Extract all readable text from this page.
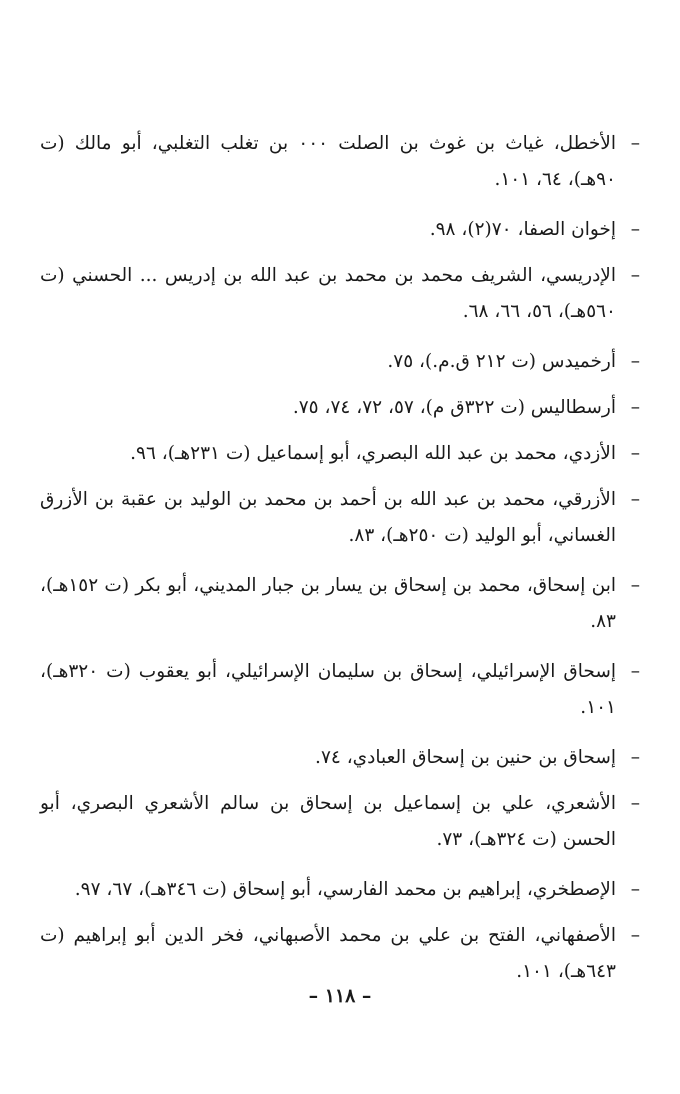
–
الأخطل، غياث بن غوث بن الصلت ٠٠٠ بن تغلب التغلبي، أبو مالك (ت ٩٠هـ)، ٦٤، ١٠١.

–
إخوان الصفا، ٧٠(٢)، ٩٨.

–
الإدريسي، الشريف محمد بن محمد بن عبد الله بن إدريس ... الحسني (ت ٥٦٠هـ)، ٥٦، ٦٦، ٦٨.

–
أرخميدس (ت ٢١٢ ق.م.)، ٧٥.

–
أرسطاليس (ت ٣٢٢ق م)، ٥٧، ٧٢، ٧٤، ٧٥.

–
الأزدي، محمد بن عبد الله البصري، أبو إسماعيل (ت ٢٣١هـ)، ٩٦.

–
الأزرقي، محمد بن عبد الله بن أحمد بن محمد بن الوليد بن عقبة بن الأزرق الغساني، أبو الوليد (ت ٢٥٠هـ)، ٨٣.

–
ابن إسحاق، محمد بن إسحاق بن يسار بن جبار المديني، أبو بكر (ت ١٥٢هـ)، ٨٣.

–
إسحاق الإسرائيلي، إسحاق بن سليمان الإسرائيلي، أبو يعقوب (ت ٣٢٠هـ)، ١٠١.

–
إسحاق بن حنين بن إسحاق العبادي، ٧٤.

–
الأشعري، علي بن إسماعيل بن إسحاق بن سالم الأشعري البصري، أبو الحسن (ت ٣٢٤هـ)، ٧٣.

–
الإصطخري، إبراهيم بن محمد الفارسي، أبو إسحاق (ت ٣٤٦هـ)، ٦٧، ٩٧.

–
الأصفهاني، الفتح بن علي بن محمد الأصبهاني، فخر الدين أبو إبراهيم (ت ٦٤٣هـ)، ١٠١.

– ١١٨ –
